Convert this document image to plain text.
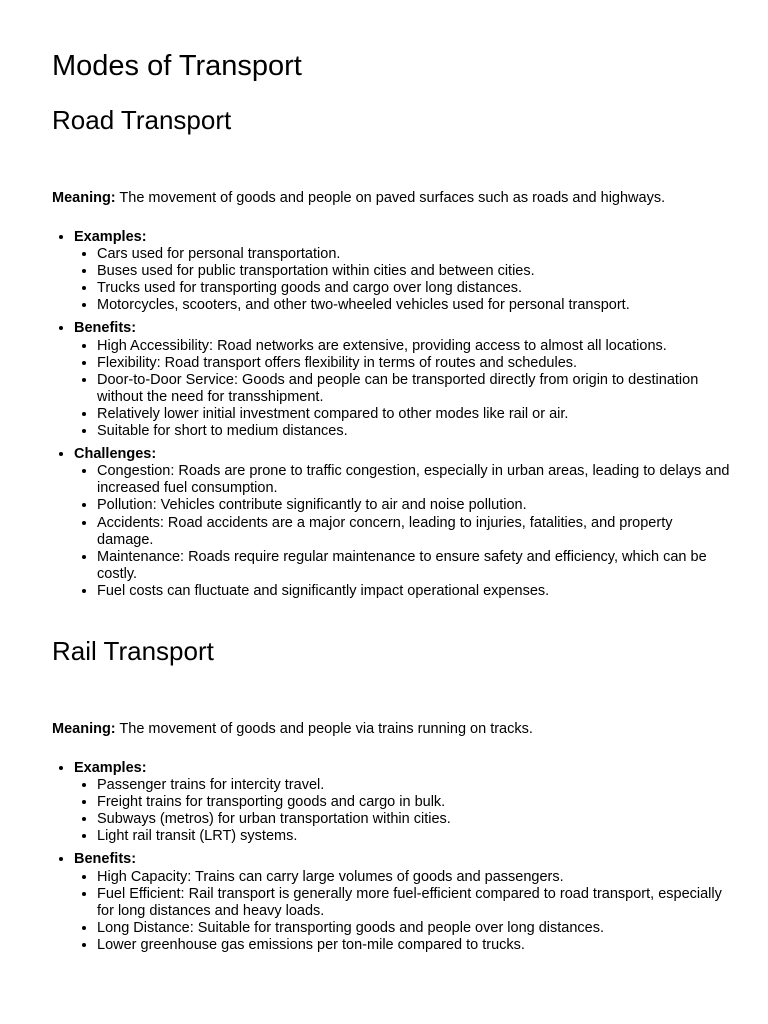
Modes of Transport
Road Transport

Meaning: The movement of goods and people on paved surfaces such as roads and highways.

• Examples:
• Cars used for personal transportation.
• Buses used for public transportation within cities and between cities.
• Trucks used for transporting goods and cargo over long distances.
• Motorcycles, scooters, and other two-wheeled vehicles used for personal transport.
• Benefits:
• High Accessibility: Road networks are extensive, providing access to almost all locations.
• Flexibility: Road transport offers flexibility in terms of routes and schedules.
• Door-to-Door Service: Goods and people can be transported directly from origin to destination without the need for transshipment.
• Relatively lower initial investment compared to other modes like rail or air.
• Suitable for short to medium distances.
• Challenges:
• Congestion: Roads are prone to traffic congestion, especially in urban areas, leading to delays and increased fuel consumption.
• Pollution: Vehicles contribute significantly to air and noise pollution.
• Accidents: Road accidents are a major concern, leading to injuries, fatalities, and property damage.
• Maintenance: Roads require regular maintenance to ensure safety and efficiency, which can be costly.
• Fuel costs can fluctuate and significantly impact operational expenses.
Rail Transport

Meaning: The movement of goods and people via trains running on tracks.

• Examples:
• Passenger trains for intercity travel.
• Freight trains for transporting goods and cargo in bulk.
• Subways (metros) for urban transportation within cities.
• Light rail transit (LRT) systems.
• Benefits:
• High Capacity: Trains can carry large volumes of goods and passengers.
• Fuel Efficient: Rail transport is generally more fuel-efficient compared to road transport, especially for long distances and heavy loads.
• Long Distance: Suitable for transporting goods and people over long distances.
• Lower greenhouse gas emissions per ton-mile compared to trucks.
